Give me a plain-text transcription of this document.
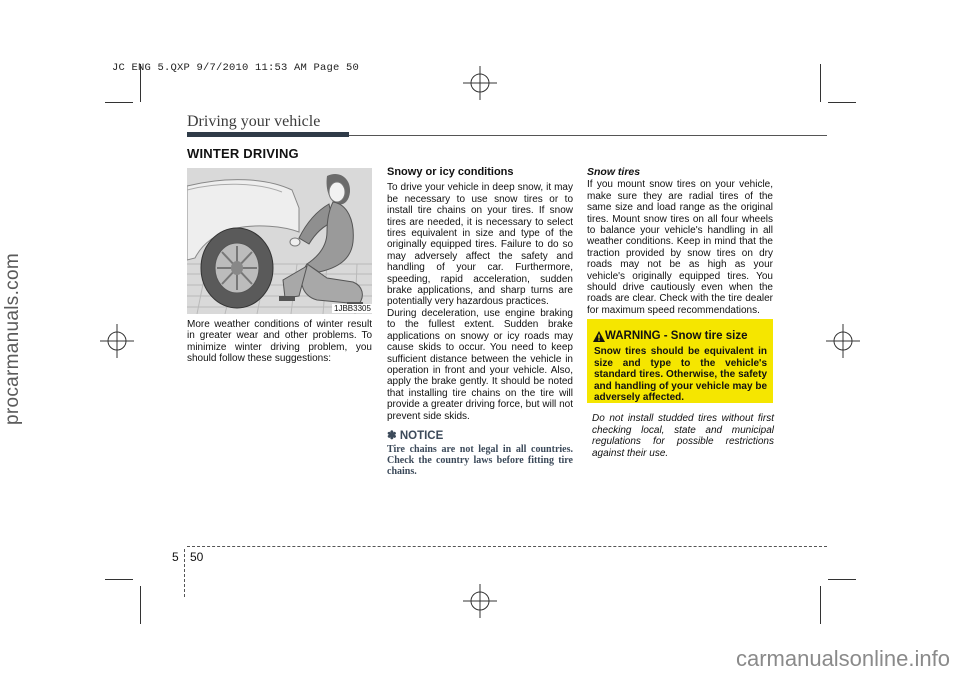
JC ENG 5.QXP 9/7/2010 11:53 AM Page 50
procarmanuals.com
carmanualsonline.info
Driving your vehicle
WINTER DRIVING
1JBB3305

More weather conditions of winter result in greater wear and other problems. To minimize winter driving problem, you should follow these suggestions:

Snowy or icy conditions

To drive your vehicle in deep snow, it may be necessary to use snow tires or to install tire chains on your tires. If snow tires are needed, it is necessary to select tires equivalent in size and type of the originally equipped tires. Failure to do so may adversely affect the safety and handling of your car. Furthermore, speeding, rapid acceleration, sudden brake applications, and sharp turns are potentially very hazardous practices.

During deceleration, use engine braking to the fullest extent. Sudden brake applications on snowy or icy roads may cause skids to occur. You need to keep sufficient distance between the vehicle in operation in front and your vehicle. Also, apply the brake gently. It should be noted that installing tire chains on the tire will provide a greater driving force, but will not prevent side skids.

✽ NOTICE

Tire chains are not legal in all countries. Check the country laws before fitting tire chains.

Snow tires

If you mount snow tires on your vehicle, make sure they are radial tires of the same size and load range as the original tires. Mount snow tires on all four wheels to balance your vehicle's handling in all weather conditions. Keep in mind that the traction provided by snow tires on dry roads may not be as high as your vehicle's originally equipped tires. You should drive cautiously even when the roads are clear. Check with the tire dealer for maximum speed recommendations.

WARNING - Snow tire size
Snow tires should be equivalent in size and type to the vehicle's standard tires. Otherwise, the safety and handling of your vehicle may be adversely affected.
Do not install studded tires without first checking local, state and municipal regulations for possible restrictions against their use.
5 50
